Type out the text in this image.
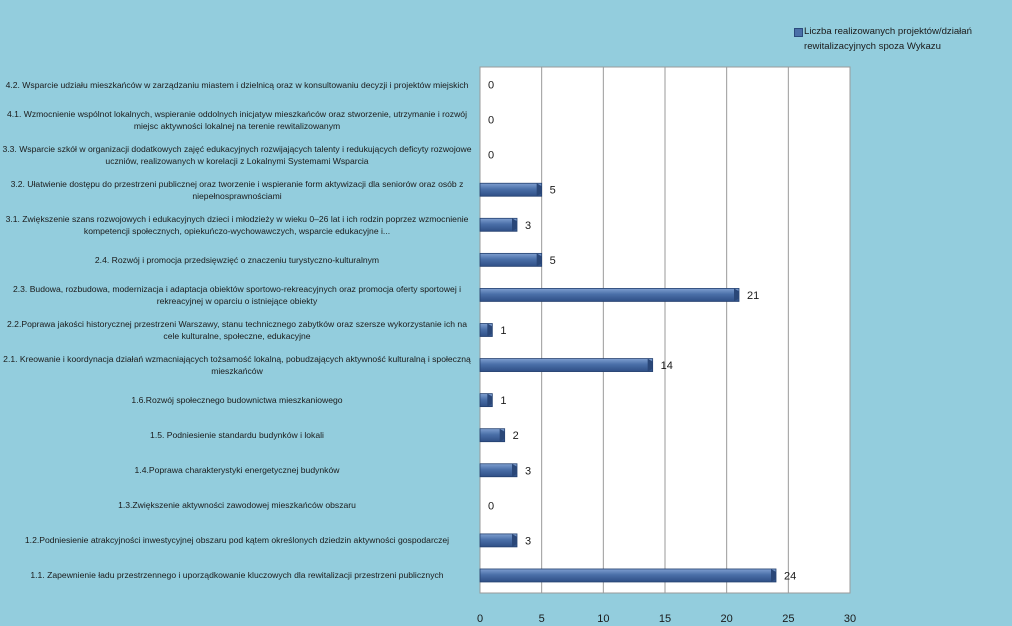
0
0
0
5
3
5
21
1
14
1
2
3
0
3
24
0	5	10	15	20	25	30
4.2. Wsparcie udziału mieszkańców w zarządzaniu miastem i dzielnicą oraz w konsultowaniu decyzji i projektów miejskich
4.1. Wzmocnienie wspólnot lokalnych, wspieranie oddolnych inicjatyw mieszkańców oraz stworzenie, utrzymanie i rozwój miejsc aktywności lokalnej na terenie rewitalizowanym
3.3. Wsparcie szkół w organizacji dodatkowych zajęć edukacyjnych rozwijających talenty i redukujących deficyty rozwojowe uczniów, realizowanych w korelacji z Lokalnymi Systemami Wsparcia
3.2. Ułatwienie dostępu do przestrzeni publicznej oraz tworzenie i wspieranie form aktywizacji dla seniorów oraz osób z niepełnosprawnościami
3.1. Zwiększenie szans rozwojowych i edukacyjnych dzieci i młodzieży w wieku 0–26 lat i ich rodzin poprzez wzmocnienie kompetencji społecznych, opiekuńczo-wychowawczych, wsparcie edukacyjne i...
2.4. Rozwój i promocja przedsięwzięć o znaczeniu turystyczno-kulturalnym
2.3. Budowa, rozbudowa, modernizacja i adaptacja obiektów sportowo-rekreacyjnych oraz promocja oferty sportowej i rekreacyjnej w oparciu o istniejące obiekty
2.2.Poprawa jakości historycznej przestrzeni Warszawy, stanu technicznego zabytków oraz szersze wykorzystanie ich na cele kulturalne, społeczne, edukacyjne
2.1. Kreowanie i koordynacja działań wzmacniających tożsamość lokalną, pobudzających aktywność kulturalną i społeczną mieszkańców
1.6.Rozwój społecznego budownictwa mieszkaniowego
1.5. Podniesienie standardu budynków i lokali
1.4.Poprawa charakterystyki energetycznej budynków
1.3.Zwiększenie aktywności zawodowej mieszkańców obszaru
1.2.Podniesienie atrakcyjności inwestycyjnej obszaru pod kątem określonych dziedzin aktywności gospodarczej
1.1. Zapewnienie ładu przestrzennego i uporządkowanie kluczowych dla rewitalizacji przestrzeni publicznych
Liczba realizowanych projektów/działań rewitalizacyjnych spoza Wykazu
